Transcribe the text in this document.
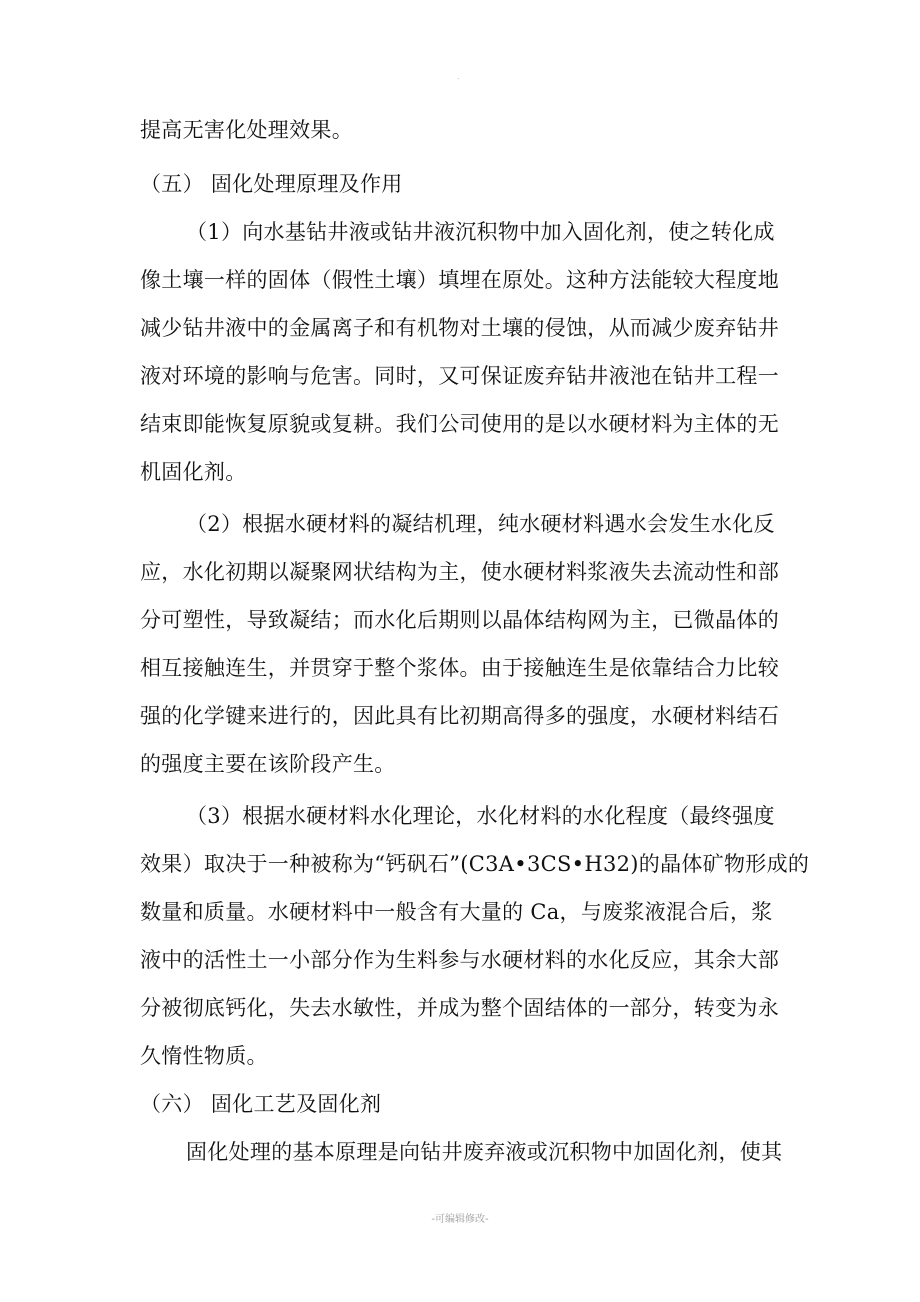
.
提高无害化处理效果。
（五） 固化处理原理及作用
（1）向水基钻井液或钻井液沉积物中加入固化剂，使之转化成
像土壤一样的固体（假性土壤）填埋在原处。这种方法能较大程度地
减少钻井液中的金属离子和有机物对土壤的侵蚀，从而减少废弃钻井
液对环境的影响与危害。同时，又可保证废弃钻井液池在钻井工程一
结束即能恢复原貌或复耕。我们公司使用的是以水硬材料为主体的无
机固化剂。
（2）根据水硬材料的凝结机理，纯水硬材料遇水会发生水化反
应，水化初期以凝聚网状结构为主，使水硬材料浆液失去流动性和部
分可塑性，导致凝结；而水化后期则以晶体结构网为主，已微晶体的
相互接触连生，并贯穿于整个浆体。由于接触连生是依靠结合力比较
强的化学键来进行的，因此具有比初期高得多的强度，水硬材料结石
的强度主要在该阶段产生。
（3）根据水硬材料水化理论，水化材料的水化程度（最终强度
效果）取决于一种被称为“钙矾石”(C3A•3CS•H32)的晶体矿物形成的
数量和质量。水硬材料中一般含有大量的 Ca，与废浆液混合后，浆
液中的活性土一小部分作为生料参与水硬材料的水化反应，其余大部
分被彻底钙化，失去水敏性，并成为整个固结体的一部分，转变为永
久惰性物质。
（六） 固化工艺及固化剂
固化处理的基本原理是向钻井废弃液或沉积物中加固化剂，使其
-可编辑修改-
